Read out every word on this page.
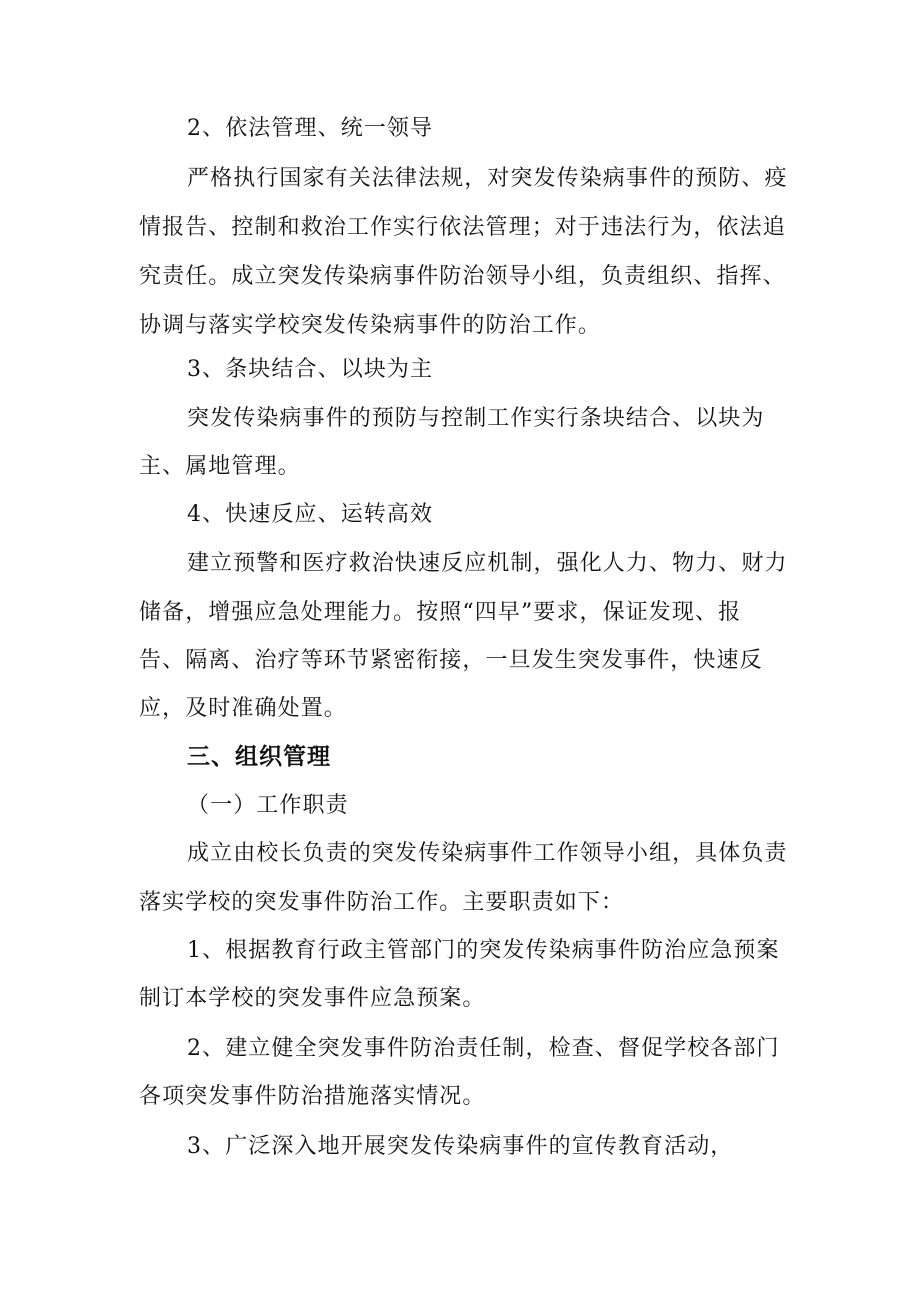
2、依法管理、统一领导

严格执行国家有关法律法规，对突发传染病事件的预防、疫

情报告、控制和救治工作实行依法管理；对于违法行为，依法追

究责任。成立突发传染病事件防治领导小组，负责组织、指挥、

协调与落实学校突发传染病事件的防治工作。

3、条块结合、以块为主

突发传染病事件的预防与控制工作实行条块结合、以块为

主、属地管理。

4、快速反应、运转高效

建立预警和医疗救治快速反应机制，强化人力、物力、财力

储备，增强应急处理能力。按照“四早”要求，保证发现、报

告、隔离、治疗等环节紧密衔接，一旦发生突发事件，快速反

应，及时准确处置。

三、组织管理

（一）工作职责

成立由校长负责的突发传染病事件工作领导小组，具体负责

落实学校的突发事件防治工作。主要职责如下：

1、根据教育行政主管部门的突发传染病事件防治应急预案

制订本学校的突发事件应急预案。

2、建立健全突发事件防治责任制，检查、督促学校各部门

各项突发事件防治措施落实情况。

3、广泛深入地开展突发传染病事件的宣传教育活动，
